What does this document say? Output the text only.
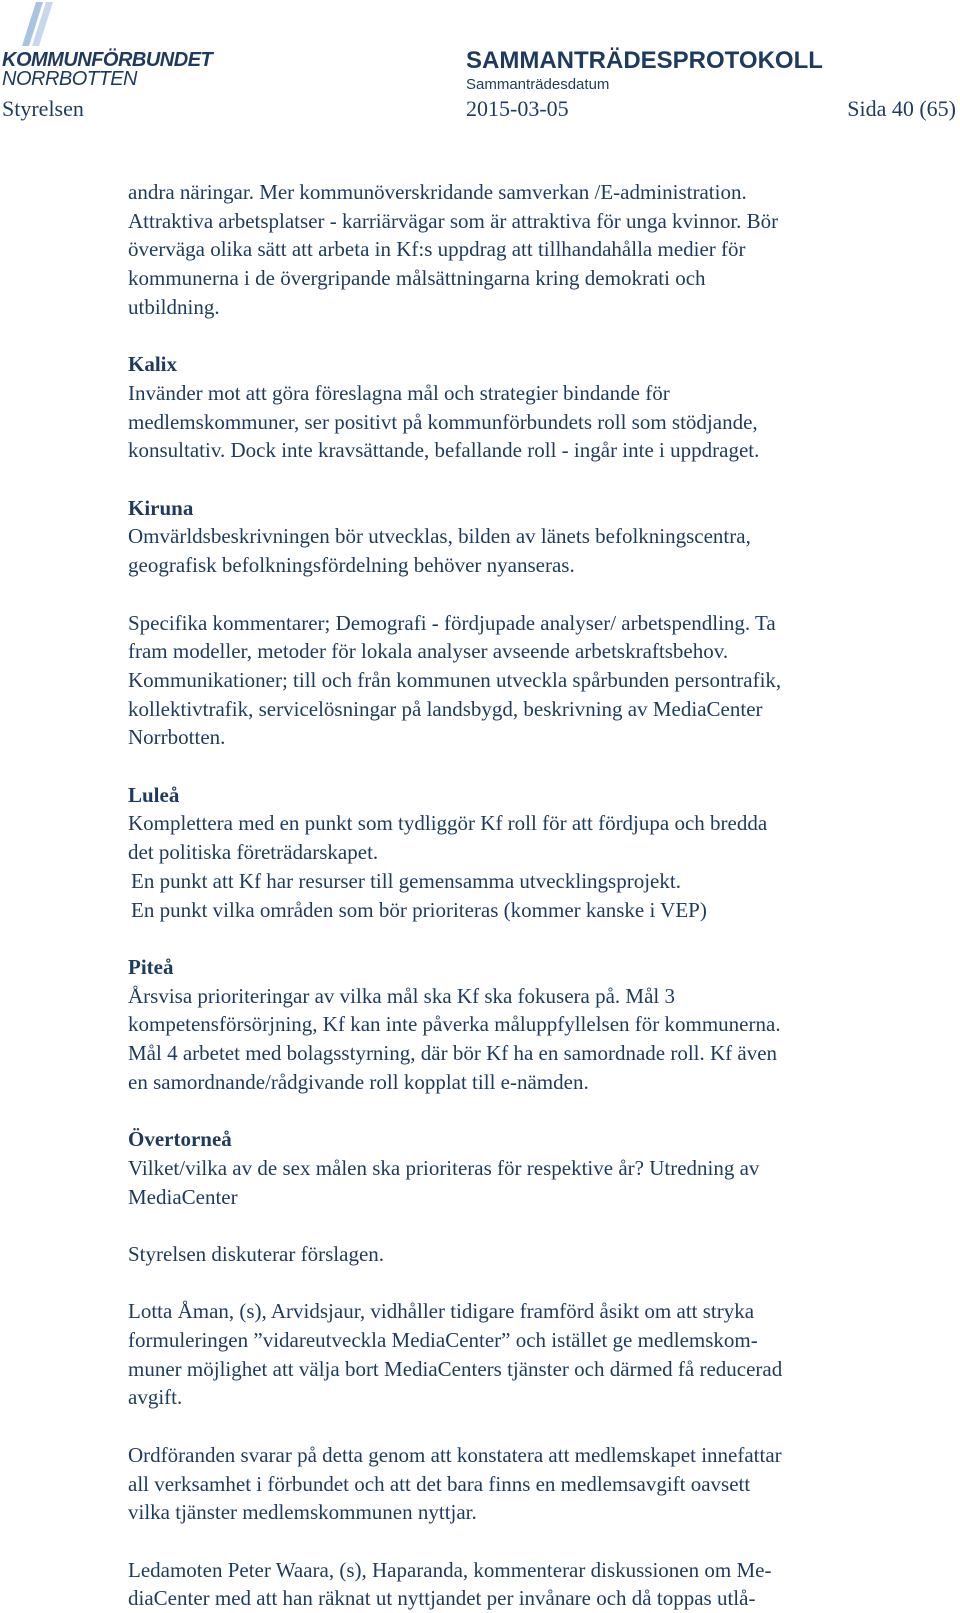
KOMMUNFÖRBUNDET
NORRBOTTEN
SAMMANTRÄDESPROTOKOLL
Sammanträdesdatum
Styrelsen	2015-03-05	Sida 40 (65)

andra näringar. Mer kommunöverskridande samverkan /E-administration.

Attraktiva arbetsplatser - karriärvägar som är attraktiva för unga kvinnor. Bör

överväga olika sätt att arbeta in Kf:s uppdrag att tillhandahålla medier för

kommunerna i de övergripande målsättningarna kring demokrati och

utbildning.

Kalix

Invänder mot att göra föreslagna mål och strategier bindande för

medlemskommuner, ser positivt på kommunförbundets roll som stödjande,

konsultativ. Dock inte kravsättande, befallande roll - ingår inte i uppdraget.

Kiruna

Omvärldsbeskrivningen bör utvecklas, bilden av länets befolkningscentra,

geografisk befolkningsfördelning behöver nyanseras.

Specifika kommentarer; Demografi - fördjupade analyser/ arbetspendling. Ta

fram modeller, metoder för lokala analyser avseende arbetskraftsbehov.

Kommunikationer; till och från kommunen utveckla spårbunden persontrafik,

kollektivtrafik, servicelösningar på landsbygd, beskrivning av MediaCenter

Norrbotten.

Luleå

Komplettera med en punkt som tydliggör Kf roll för att fördjupa och bredda

det politiska företrädarskapet.

En punkt att Kf har resurser till gemensamma utvecklingsprojekt.

En punkt vilka områden som bör prioriteras (kommer kanske i VEP)

Piteå

Årsvisa prioriteringar av vilka mål ska Kf ska fokusera på. Mål 3

kompetensförsörjning, Kf kan inte påverka måluppfyllelsen för kommunerna.

Mål 4 arbetet med bolagsstyrning, där bör Kf ha en samordnade roll. Kf även

en samordnande/rådgivande roll kopplat till e-nämden.

Övertorneå

Vilket/vilka av de sex målen ska prioriteras för respektive år? Utredning av

MediaCenter

Styrelsen diskuterar förslagen.

Lotta Åman, (s), Arvidsjaur, vidhåller tidigare framförd åsikt om att stryka

formuleringen ”vidareutveckla MediaCenter” och istället ge medlemskom-

muner möjlighet att välja bort MediaCenters tjänster och därmed få reducerad

avgift.

Ordföranden svarar på detta genom att konstatera att medlemskapet innefattar

all verksamhet i förbundet och att det bara finns en medlemsavgift oavsett

vilka tjänster medlemskommunen nyttjar.

Ledamoten Peter Waara, (s), Haparanda, kommenterar diskussionen om Me-

diaCenter med att han räknat ut nyttjandet per invånare och då toppas utlå-
